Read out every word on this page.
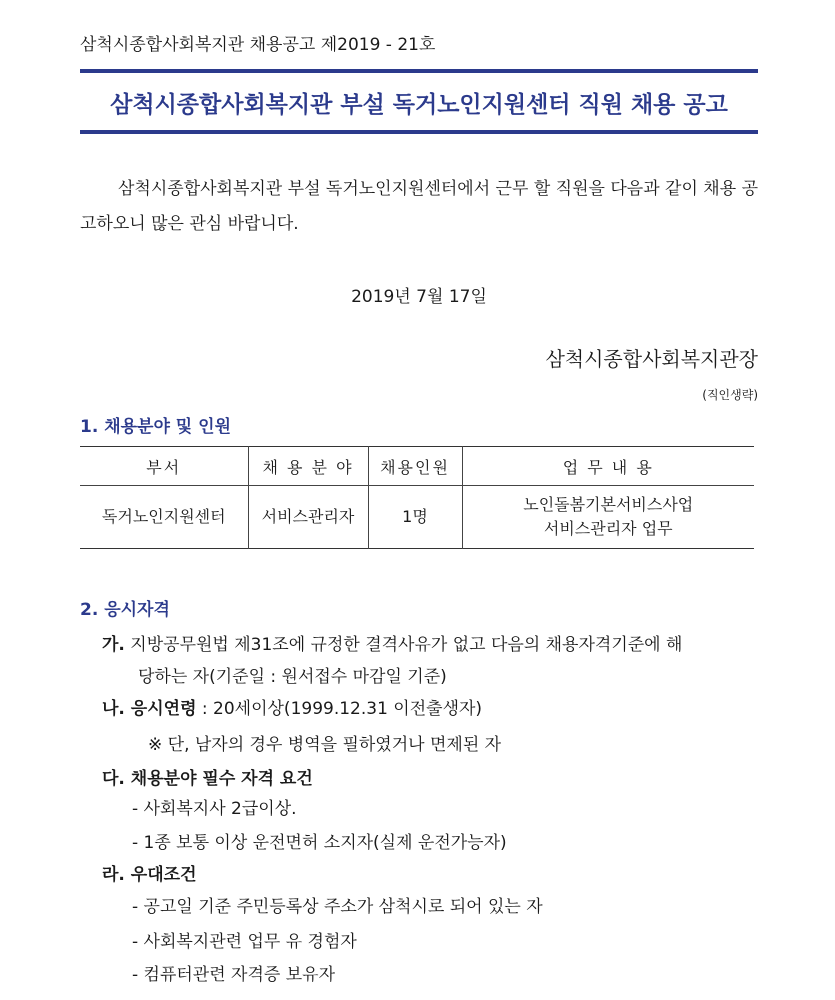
삼척시종합사회복지관 채용공고 제2019 - 21호
삼척시종합사회복지관 부설 독거노인지원센터 직원 채용 공고
삼척시종합사회복지관 부설 독거노인지원센터에서 근무 할 직원을 다음과 같이 채용 공고하오니 많은 관심 바랍니다.
2019년 7월 17일
삼척시종합사회복지관장
(직인생략)
1. 채용분야 및 인원
부서	채 용 분 야	채용인원	업 무 내 용
독거노인지원센터	서비스관리자	1명	노인돌봄기본서비스사업
서비스관리자 업무
2. 응시자격
가. 지방공무원법 제31조에 규정한 결격사유가 없고 다음의 채용자격기준에 해
당하는 자(기준일 : 원서접수 마감일 기준)
나. 응시연령 : 20세이상(1999.12.31 이전출생자)
※ 단, 남자의 경우 병역을 필하였거나 면제된 자
다. 채용분야 필수 자격 요건
- 사회복지사 2급이상.
- 1종 보통 이상 운전면허 소지자(실제 운전가능자)
라. 우대조건
- 공고일 기준 주민등록상 주소가 삼척시로 되어 있는 자
- 사회복지관련 업무 유 경험자
- 컴퓨터관련 자격증 보유자
